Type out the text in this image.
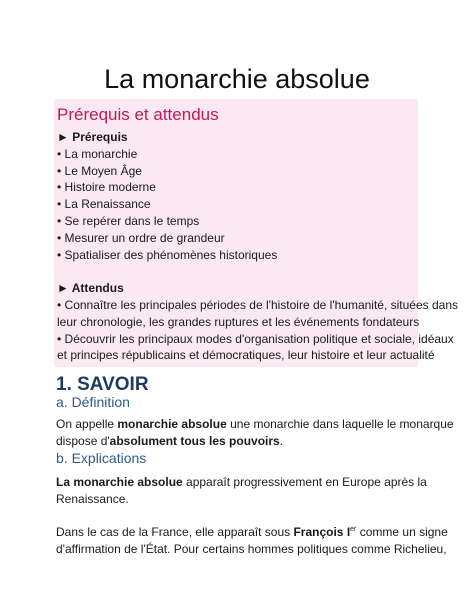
La monarchie absolue
Prérequis et attendus
► Prérequis
• La monarchie
• Le Moyen Âge
• Histoire moderne
• La Renaissance
• Se repérer dans le temps
• Mesurer un ordre de grandeur
• Spatialiser des phénomènes historiques
► Attendus
• Connaître les principales périodes de l'histoire de l'humanité, situées dans
leur chronologie, les grandes ruptures et les événements fondateurs
• Découvrir les principaux modes d'organisation politique et sociale, idéaux
et principes républicains et démocratiques, leur histoire et leur actualité
1. SAVOIR
a. Définition
On appelle monarchie absolue une monarchie dans laquelle le monarque
dispose d'absolument tous les pouvoirs.
b. Explications
La monarchie absolue apparaît progressivement en Europe après la
Renaissance.
Dans le cas de la France, elle apparaît sous François Ier comme un signe
d'affirmation de l'État. Pour certains hommes politiques comme Richelieu,
